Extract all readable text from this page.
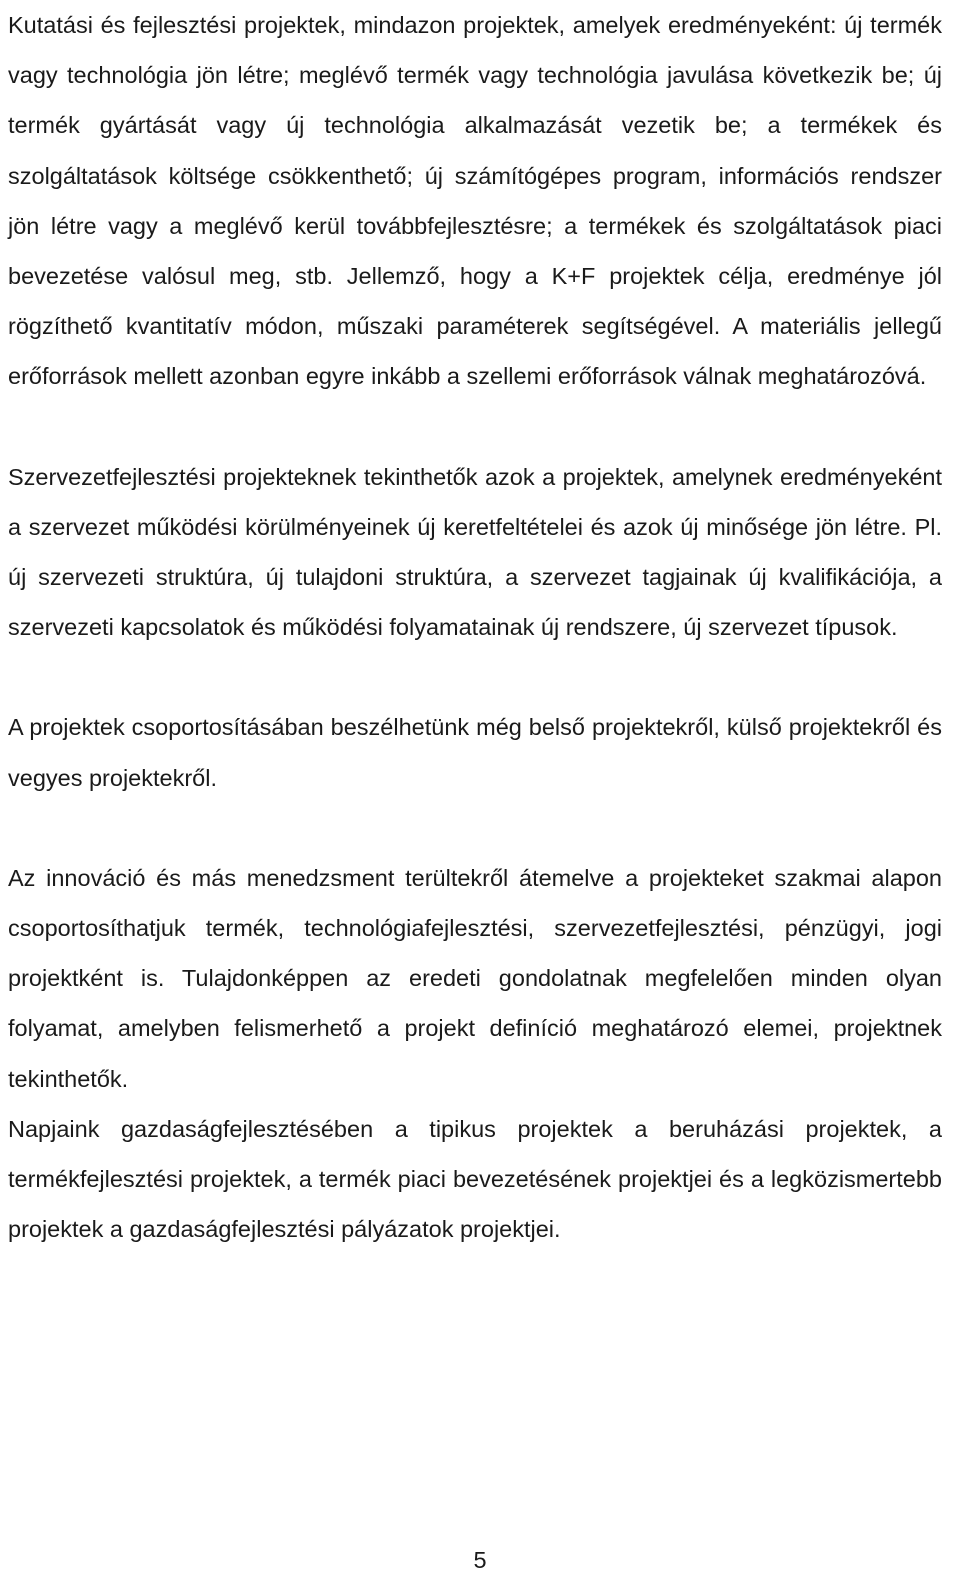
Kutatási és fejlesztési projektek, mindazon projektek, amelyek eredményeként: új termék vagy technológia jön létre; meglévő termék vagy technológia javulása következik be; új termék gyártását vagy új technológia alkalmazását vezetik be; a termékek és szolgáltatások költsége csökkenthető; új számítógépes program, információs rendszer jön létre vagy a meglévő kerül továbbfejlesztésre; a termékek és szolgáltatások piaci bevezetése valósul meg, stb. Jellemző, hogy a K+F projektek célja, eredménye jól rögzíthető kvantitatív módon, műszaki paraméterek segítségével. A materiális jellegű erőforrások mellett azonban egyre inkább a szellemi erőforrások válnak meghatározóvá.

Szervezetfejlesztési projekteknek tekinthetők azok a projektek, amelynek eredményeként a szervezet működési körülményeinek új keretfeltételei és azok új minősége jön létre. Pl. új szervezeti struktúra, új tulajdoni struktúra, a szervezet tagjainak új kvalifikációja, a szervezeti kapcsolatok és működési folyamatainak új rendszere, új szervezet típusok.

A projektek csoportosításában beszélhetünk még belső projektekről, külső projektekről és vegyes projektekről.

Az innováció és más menedzsment terültekről átemelve a projekteket szakmai alapon csoportosíthatjuk termék, technológiafejlesztési, szervezetfejlesztési, pénzügyi, jogi projektként is. Tulajdonképpen az eredeti gondolatnak megfelelően minden olyan folyamat, amelyben felismerhető a projekt definíció meghatározó elemei, projektnek tekinthetők.

Napjaink gazdaságfejlesztésében a tipikus projektek a beruházási projektek, a termékfejlesztési projektek, a termék piaci bevezetésének projektjei és a legközismertebb projektek a gazdaságfejlesztési pályázatok projektjei.

5
